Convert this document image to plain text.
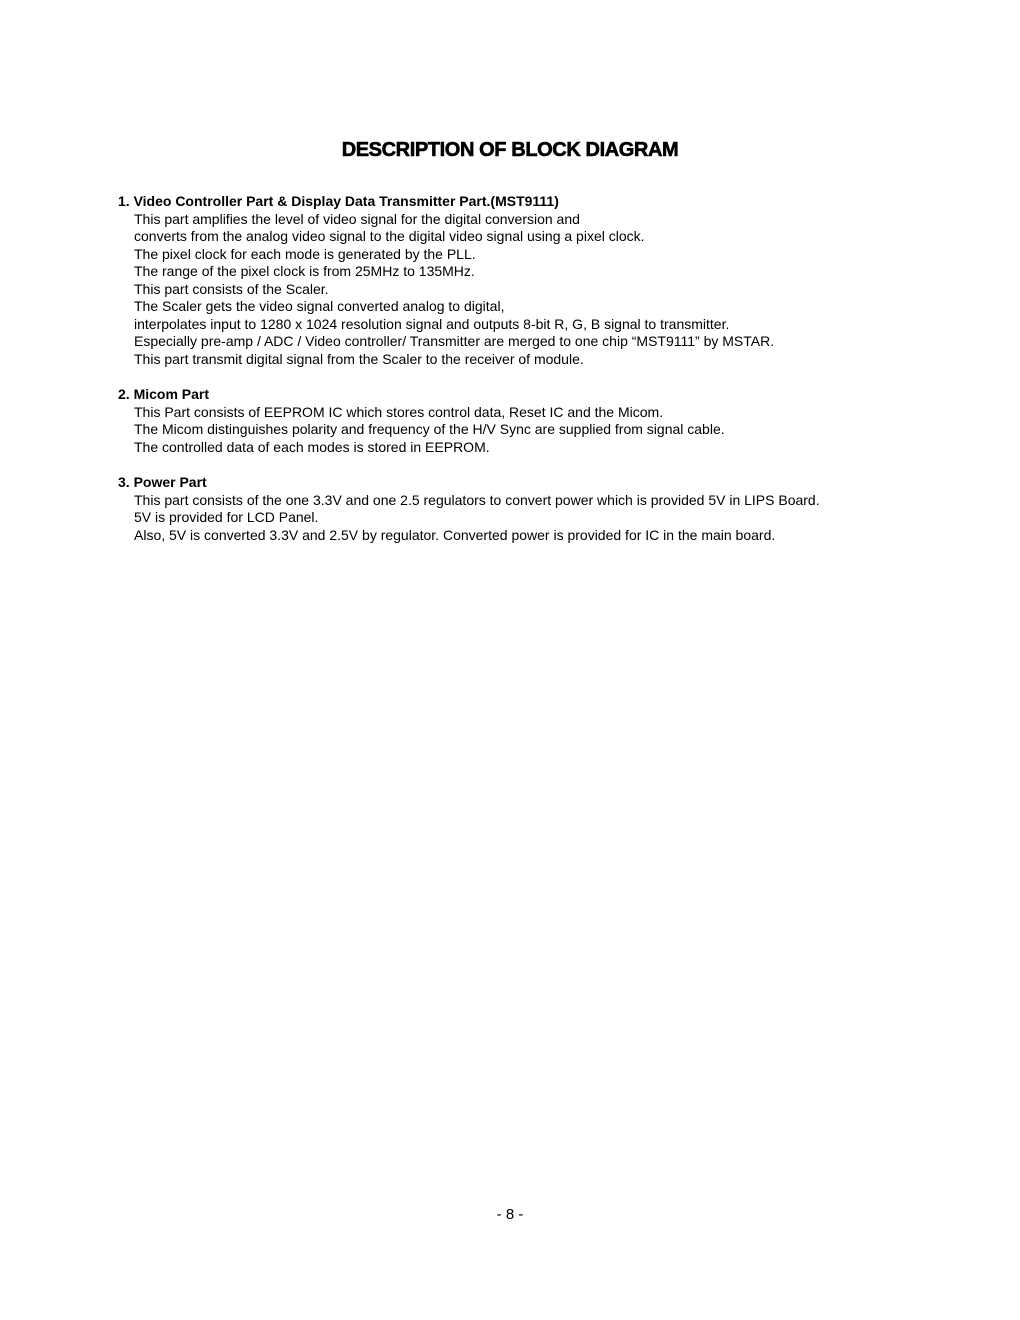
DESCRIPTION OF BLOCK DIAGRAM

1. Video Controller Part & Display Data Transmitter Part.(MST9111)

This part amplifies the level of video signal for the digital conversion and
converts from the analog video signal to the digital video signal using a pixel clock.
The pixel clock for each mode is generated by the PLL.
The range of the pixel clock is from 25MHz to 135MHz.
This part consists of the Scaler.
The Scaler gets the video signal converted analog to digital,
interpolates input to 1280 x 1024 resolution signal and outputs 8-bit R, G, B signal to transmitter.
Especially pre-amp / ADC / Video controller/ Transmitter are merged to one chip “MST9111” by MSTAR.
This part transmit digital signal from the Scaler to the receiver of module.

2. Micom Part

This Part consists of EEPROM IC which stores control data, Reset IC and the Micom.
The Micom distinguishes polarity and frequency of the H/V Sync are supplied from signal cable.
The controlled data of each modes is stored in EEPROM.

3. Power Part

This part consists of the one 3.3V and one 2.5 regulators to convert power which is provided 5V in LIPS Board.
5V is provided for LCD Panel.
Also, 5V is converted 3.3V and 2.5V by regulator. Converted power is provided for IC in the main board.
- 8 -
